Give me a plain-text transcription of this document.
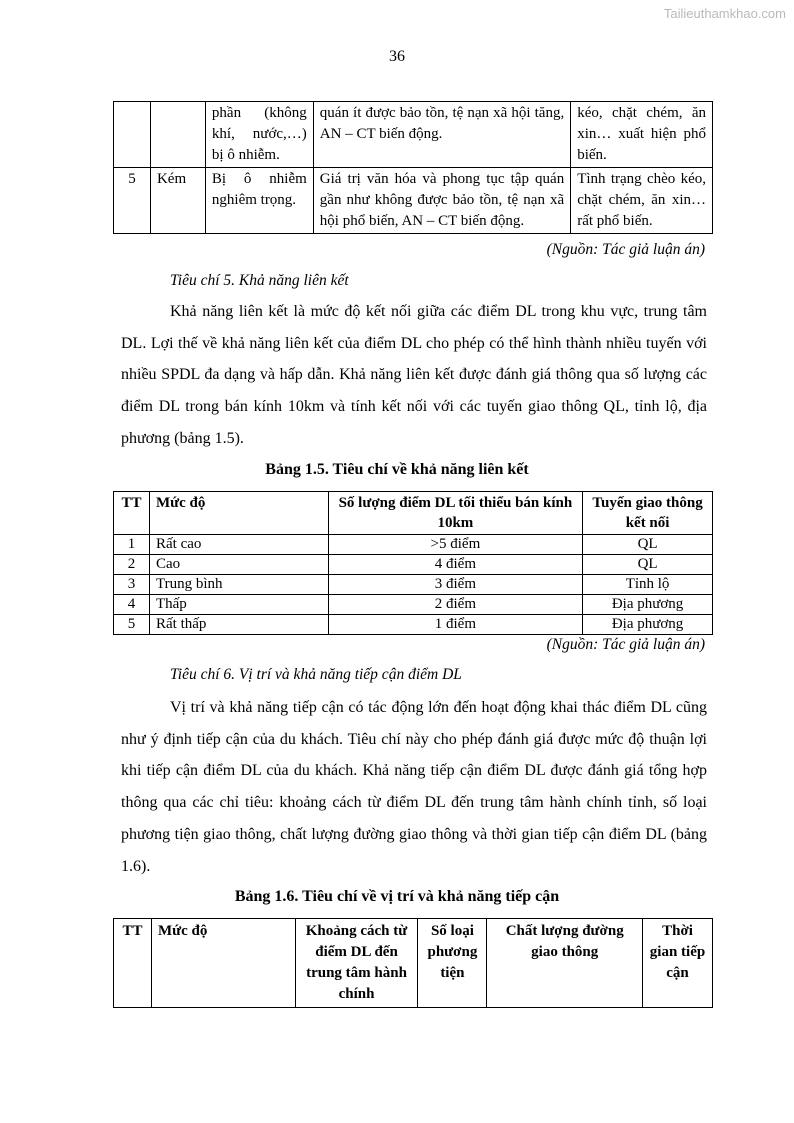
Tailieuthamkhao.com
36
		phần (không khí, nước,…) bị ô nhiễm.	quán ít được bảo tồn, tệ nạn xã hội tăng, AN – CT biến động.	kéo, chặt chém, ăn xin… xuất hiện phổ biến.
5	Kém	Bị ô nhiễm nghiêm trọng.	Giá trị văn hóa và phong tục tập quán gần như không được bảo tồn, tệ nạn xã hội phổ biến, AN – CT biến động.	Tình trạng chèo kéo, chặt chém, ăn xin…rất phổ biến.
(Nguồn: Tác giả luận án)
Tiêu chí 5. Khả năng liên kết

Khả năng liên kết là mức độ kết nối giữa các điểm DL trong khu vực, trung tâm DL. Lợi thế về khả năng liên kết của điểm DL cho phép có thể hình thành nhiều tuyến với nhiều SPDL đa dạng và hấp dẫn. Khả năng liên kết được đánh giá thông qua số lượng các điểm DL trong bán kính 10km và tính kết nối với các tuyến giao thông QL, tỉnh lộ, địa phương (bảng 1.5).

Bảng 1.5. Tiêu chí về khả năng liên kết
TT	Mức độ	Số lượng điểm DL tối thiểu bán kính 10km	Tuyến giao thông kết nối
1	Rất cao	>5 điểm	QL
2	Cao	4 điểm	QL
3	Trung bình	3 điểm	Tỉnh lộ
4	Thấp	2 điểm	Địa phương
5	Rất thấp	1 điểm	Địa phương
(Nguồn: Tác giả luận án)
Tiêu chí 6. Vị trí và khả năng tiếp cận điểm DL

Vị trí và khả năng tiếp cận có tác động lớn đến hoạt động khai thác điểm DL cũng như ý định tiếp cận của du khách. Tiêu chí này cho phép đánh giá được mức độ thuận lợi khi tiếp cận điểm DL của du khách. Khả năng tiếp cận điểm DL được đánh giá tổng hợp thông qua các chỉ tiêu: khoảng cách từ điểm DL đến trung tâm hành chính tỉnh, số loại phương tiện giao thông, chất lượng đường giao thông và thời gian tiếp cận điểm DL (bảng 1.6).

Bảng 1.6. Tiêu chí về vị trí và khả năng tiếp cận
TT	Mức độ	Khoảng cách từ điểm DL đến trung tâm hành chính	Số loại phương tiện	Chất lượng đường giao thông	Thời gian tiếp cận
